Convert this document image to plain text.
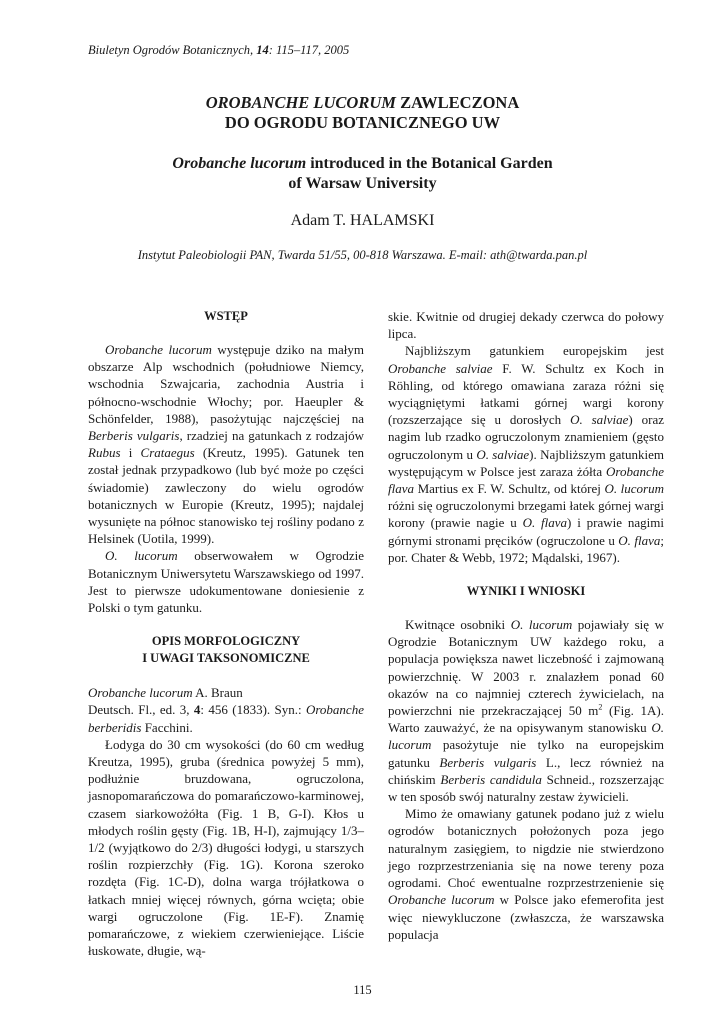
Biuletyn Ogrodów Botanicznych, 14: 115–117, 2005
OROBANCHE LUCORUM ZAWLECZONA
DO OGRODU BOTANICZNEGO UW
Orobanche lucorum introduced in the Botanical Garden
of Warsaw University
Adam T. HALAMSKI
Instytut Paleobiologii PAN, Twarda 51/55, 00-818 Warszawa. E-mail: ath@twarda.pan.pl
WSTĘP

Orobanche lucorum występuje dziko na małym obszarze Alp wschodnich (południowe Niemcy, wschodnia Szwajcaria, zachodnia Austria i północno-wschodnie Włochy; por. Haeupler & Schönfelder, 1988), pasożytując najczęściej na Berberis vulgaris, rzadziej na gatunkach z rodzajów Rubus i Crataegus (Kreutz, 1995). Gatunek ten został jednak przypadkowo (lub być może po części świadomie) zawleczony do wielu ogrodów botanicznych w Europie (Kreutz, 1995); najdalej wysunięte na północ stanowisko tej rośliny podano z Helsinek (Uotila, 1999).

O. lucorum obserwowałem w Ogrodzie Botanicznym Uniwersytetu Warszawskiego od 1997. Jest to pierwsze udokumentowane doniesienie z Polski o tym gatunku.

OPIS MORFOLOGICZNY
I UWAGI TAKSONOMICZNE

Orobanche lucorum A. Braun

Deutsch. Fl., ed. 3, 4: 456 (1833). Syn.: Orobanche berberidis Facchini.

Łodyga do 30 cm wysokości (do 60 cm według Kreutza, 1995), gruba (średnica powyżej 5 mm), podłużnie bruzdowana, ogruczolona, jasnopomarańczowa do pomarańczowo-karminowej, czasem siarkowożółta (Fig. 1 B, G-I). Kłos u młodych roślin gęsty (Fig. 1B, H-I), zajmujący 1/3–1/2 (wyjątkowo do 2/3) długości łodygi, u starszych roślin rozpierzchły (Fig. 1G). Korona szeroko rozdęta (Fig. 1C-D), dolna warga trójłatkowa o łatkach mniej więcej równych, górna wcięta; obie wargi ogruczolone (Fig. 1E-F). Znamię pomarańczowe, z wiekiem czerwieniejące. Liście łuskowate, długie, wą-

skie. Kwitnie od drugiej dekady czerwca do połowy lipca.

Najbliższym gatunkiem europejskim jest Orobanche salviae F. W. Schultz ex Koch in Röhling, od którego omawiana zaraza różni się wyciągniętymi łatkami górnej wargi korony (rozszerzające się u dorosłych O. salviae) oraz nagim lub rzadko ogruczolonym znamieniem (gęsto ogruczolonym u O. salviae). Najbliższym gatunkiem występującym w Polsce jest zaraza żółta Orobanche flava Martius ex F. W. Schultz, od której O. lucorum różni się ogruczolonymi brzegami łatek górnej wargi korony (prawie nagie u O. flava) i prawie nagimi górnymi stronami pręcików (ogruczolone u O. flava; por. Chater & Webb, 1972; Mądalski, 1967).

WYNIKI I WNIOSKI

Kwitnące osobniki O. lucorum pojawiały się w Ogrodzie Botanicznym UW każdego roku, a populacja powiększa nawet liczebność i zajmowaną powierzchnię. W 2003 r. znalazłem ponad 60 okazów na co najmniej czterech żywicielach, na powierzchni nie przekraczającej 50 $m^2$ (Fig. 1A). Warto zauważyć, że na opisywanym stanowisku O. lucorum pasożytuje nie tylko na europejskim gatunku Berberis vulgaris L., lecz również na chińskim Berberis candidula Schneid., rozszerzając w ten sposób swój naturalny zestaw żywicieli.

Mimo że omawiany gatunek podano już z wielu ogrodów botanicznych położonych poza jego naturalnym zasięgiem, to nigdzie nie stwierdzono jego rozprzestrzeniania się na nowe tereny poza ogrodami. Choć ewentualne rozprzestrzenienie się Orobanche lucorum w Polsce jako efemerofita jest więc niewykluczone (zwłaszcza, że warszawska populacja

115
